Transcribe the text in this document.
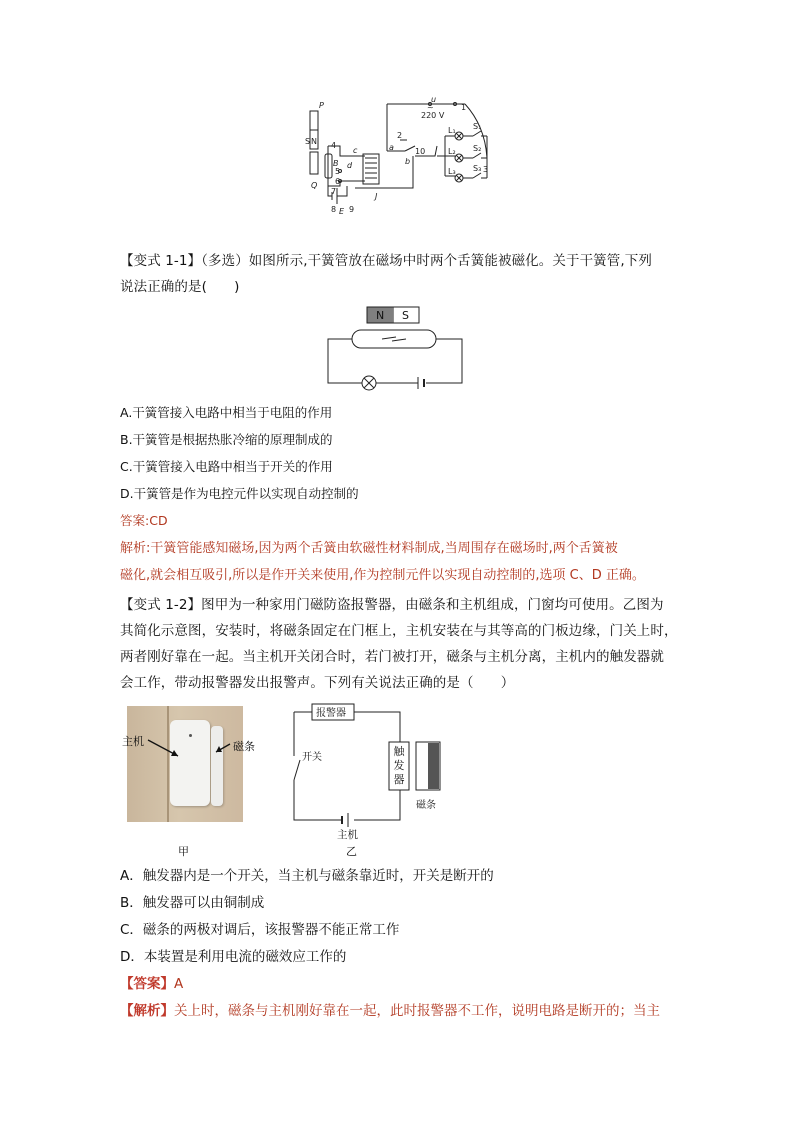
S N
P
Q
B
c
d
a
b
2
10
J
E
4
5
6
7
8 9
u
~
220 V
1
L₁
L₂
L₃
S₁
S₂
S₃ 3
【变式 1-1】（多选）如图所示,干簧管放在磁场中时两个舌簧能被磁化。关于干簧管,下列
说法正确的是(　　)
N S
A.干簧管接入电路中相当于电阻的作用
B.干簧管是根据热胀冷缩的原理制成的
C.干簧管接入电路中相当于开关的作用
D.干簧管是作为电控元件以实现自动控制的
答案:CD
解析:干簧管能感知磁场,因为两个舌簧由软磁性材料制成,当周围存在磁场时,两个舌簧被
磁化,就会相互吸引,所以是作开关来使用,作为控制元件以实现自动控制的,选项 C、D 正确。
【变式 1-2】图甲为一种家用门磁防盗报警器，由磁条和主机组成，门窗均可使用。乙图为
其简化示意图，安装时，将磁条固定在门框上，主机安装在与其等高的门板边缘，门关上时，
两者刚好靠在一起。当主机开关闭合时，若门被打开，磁条与主机分离，主机内的触发器就
会工作，带动报警器发出报警声。下列有关说法正确的是（　　）
主机	磁条
甲
报警器
开关
磁条
触发器
主机
乙
A．触发器内是一个开关，当主机与磁条靠近时，开关是断开的
B．触发器可以由铜制成
C．磁条的两极对调后，该报警器不能正常工作
D．本装置是利用电流的磁效应工作的
【答案】A
【解析】关上时，磁条与主机刚好靠在一起，此时报警器不工作，说明电路是断开的；当主
